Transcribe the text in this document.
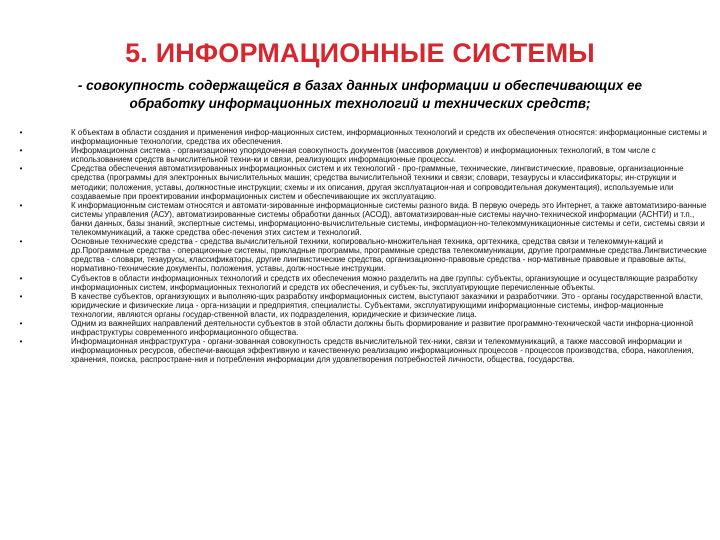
5. ИНФОРМАЦИОННЫЕ СИСТЕМЫ
- совокупность содержащейся в базах данных информации и обеспечивающих ее обработку информационных технологий и технических средств;
•	К объектам в области создания и применения инфор-мационных систем, информационных технологий и средств их обеспечения относятся: информационные системы и информационные технологии, средства их обеспечения.
•	Информационная система - организационно упорядоченная совокупность документов (массивов документов) и информационных технологий, в том числе с использованием средств вычислительной техни-ки и связи, реализующих информационные процессы.
•	Средства обеспечения автоматизированных информационных систем и их технологий - про-граммные, технические, лингвистические, правовые, организационные средства (программы для электронных вычислительных машин; средства вычислительной техники и связи; словари, тезаурусы и классификаторы; ин-струкции и методики; положения, уставы, должностные инструкции; схемы и их описания, другая эксплуатацион-ная и сопроводительная документация), используемые или создаваемые при проектировании информационных систем и обеспечивающие их эксплуатацию.
•	К информационным системам относятся и автомати-зированные информационные системы разного вида. В первую очередь это Интернет, а также автоматизиро-ванные системы управления (АСУ), автоматизированные системы обработки данных (АСОД), автоматизирован-ные системы научно-технической информации (АСНТИ) и т.п., банки данных, базы знаний, экспертные системы, информационно-вычислительные системы, информацион-но-телекоммуникационные системы и сети, системы связи и телекоммуникаций, а также средства обес-печения этих систем и технологий.
•	Основные технические средства - средства вычислительной техники, копировально-множительная техника, оргтехника, средства связи и телекоммун-каций и др.Программные средства - операционные системы, прикладные программы, программные средства телекоммуникации, другие программные средства.Лингвистические средства - словари, тезаурусы, классификаторы, другие лингвистические средства, организационно-правовые средства - нор-мативные правовые и правовые акты, нормативно-технические документы, положения, уставы, долж-ностные инструкции.
•	Субъектов в области информационных технологий и средств их обеспечения можно разделить на две группы: субъекты, организующие и осуществляющие разработку информационных систем, информационных технологий и средств их обеспечения, и субъек-ты, эксплуатирующие перечисленные объекты.
•	В качестве субъектов, организующих и выполняю-щих разработку информационных систем, выступают заказчики и разработчики. Это - органы государственной власти, юридические и физические лица - орга-низации и предприятия, специалисты. Субъектами, эксплуатирующими информационные системы, инфор-мационные технологии, являются органы государ-ственной власти, их подразделения, юридические и физические лица.
•	Одним из важнейших направлений деятельности субъектов в этой области должны быть формирование и развитие программно-технической части инфорна-ционной инфраструктуры современного информационного общества.
•	Информационная инфраструктура - органи-зованная совокупность средств вычислительной тех-ники, связи и телекоммуникаций, а также массовой информации и информационных ресурсов, обеспечи-вающая эффективную и качественную реализацию информационных процессов - процессов производства, сбора, накопления, хранения, поиска, распростране-ния и потребления информации для удовлетворения потребностей личности, общества, государства.
